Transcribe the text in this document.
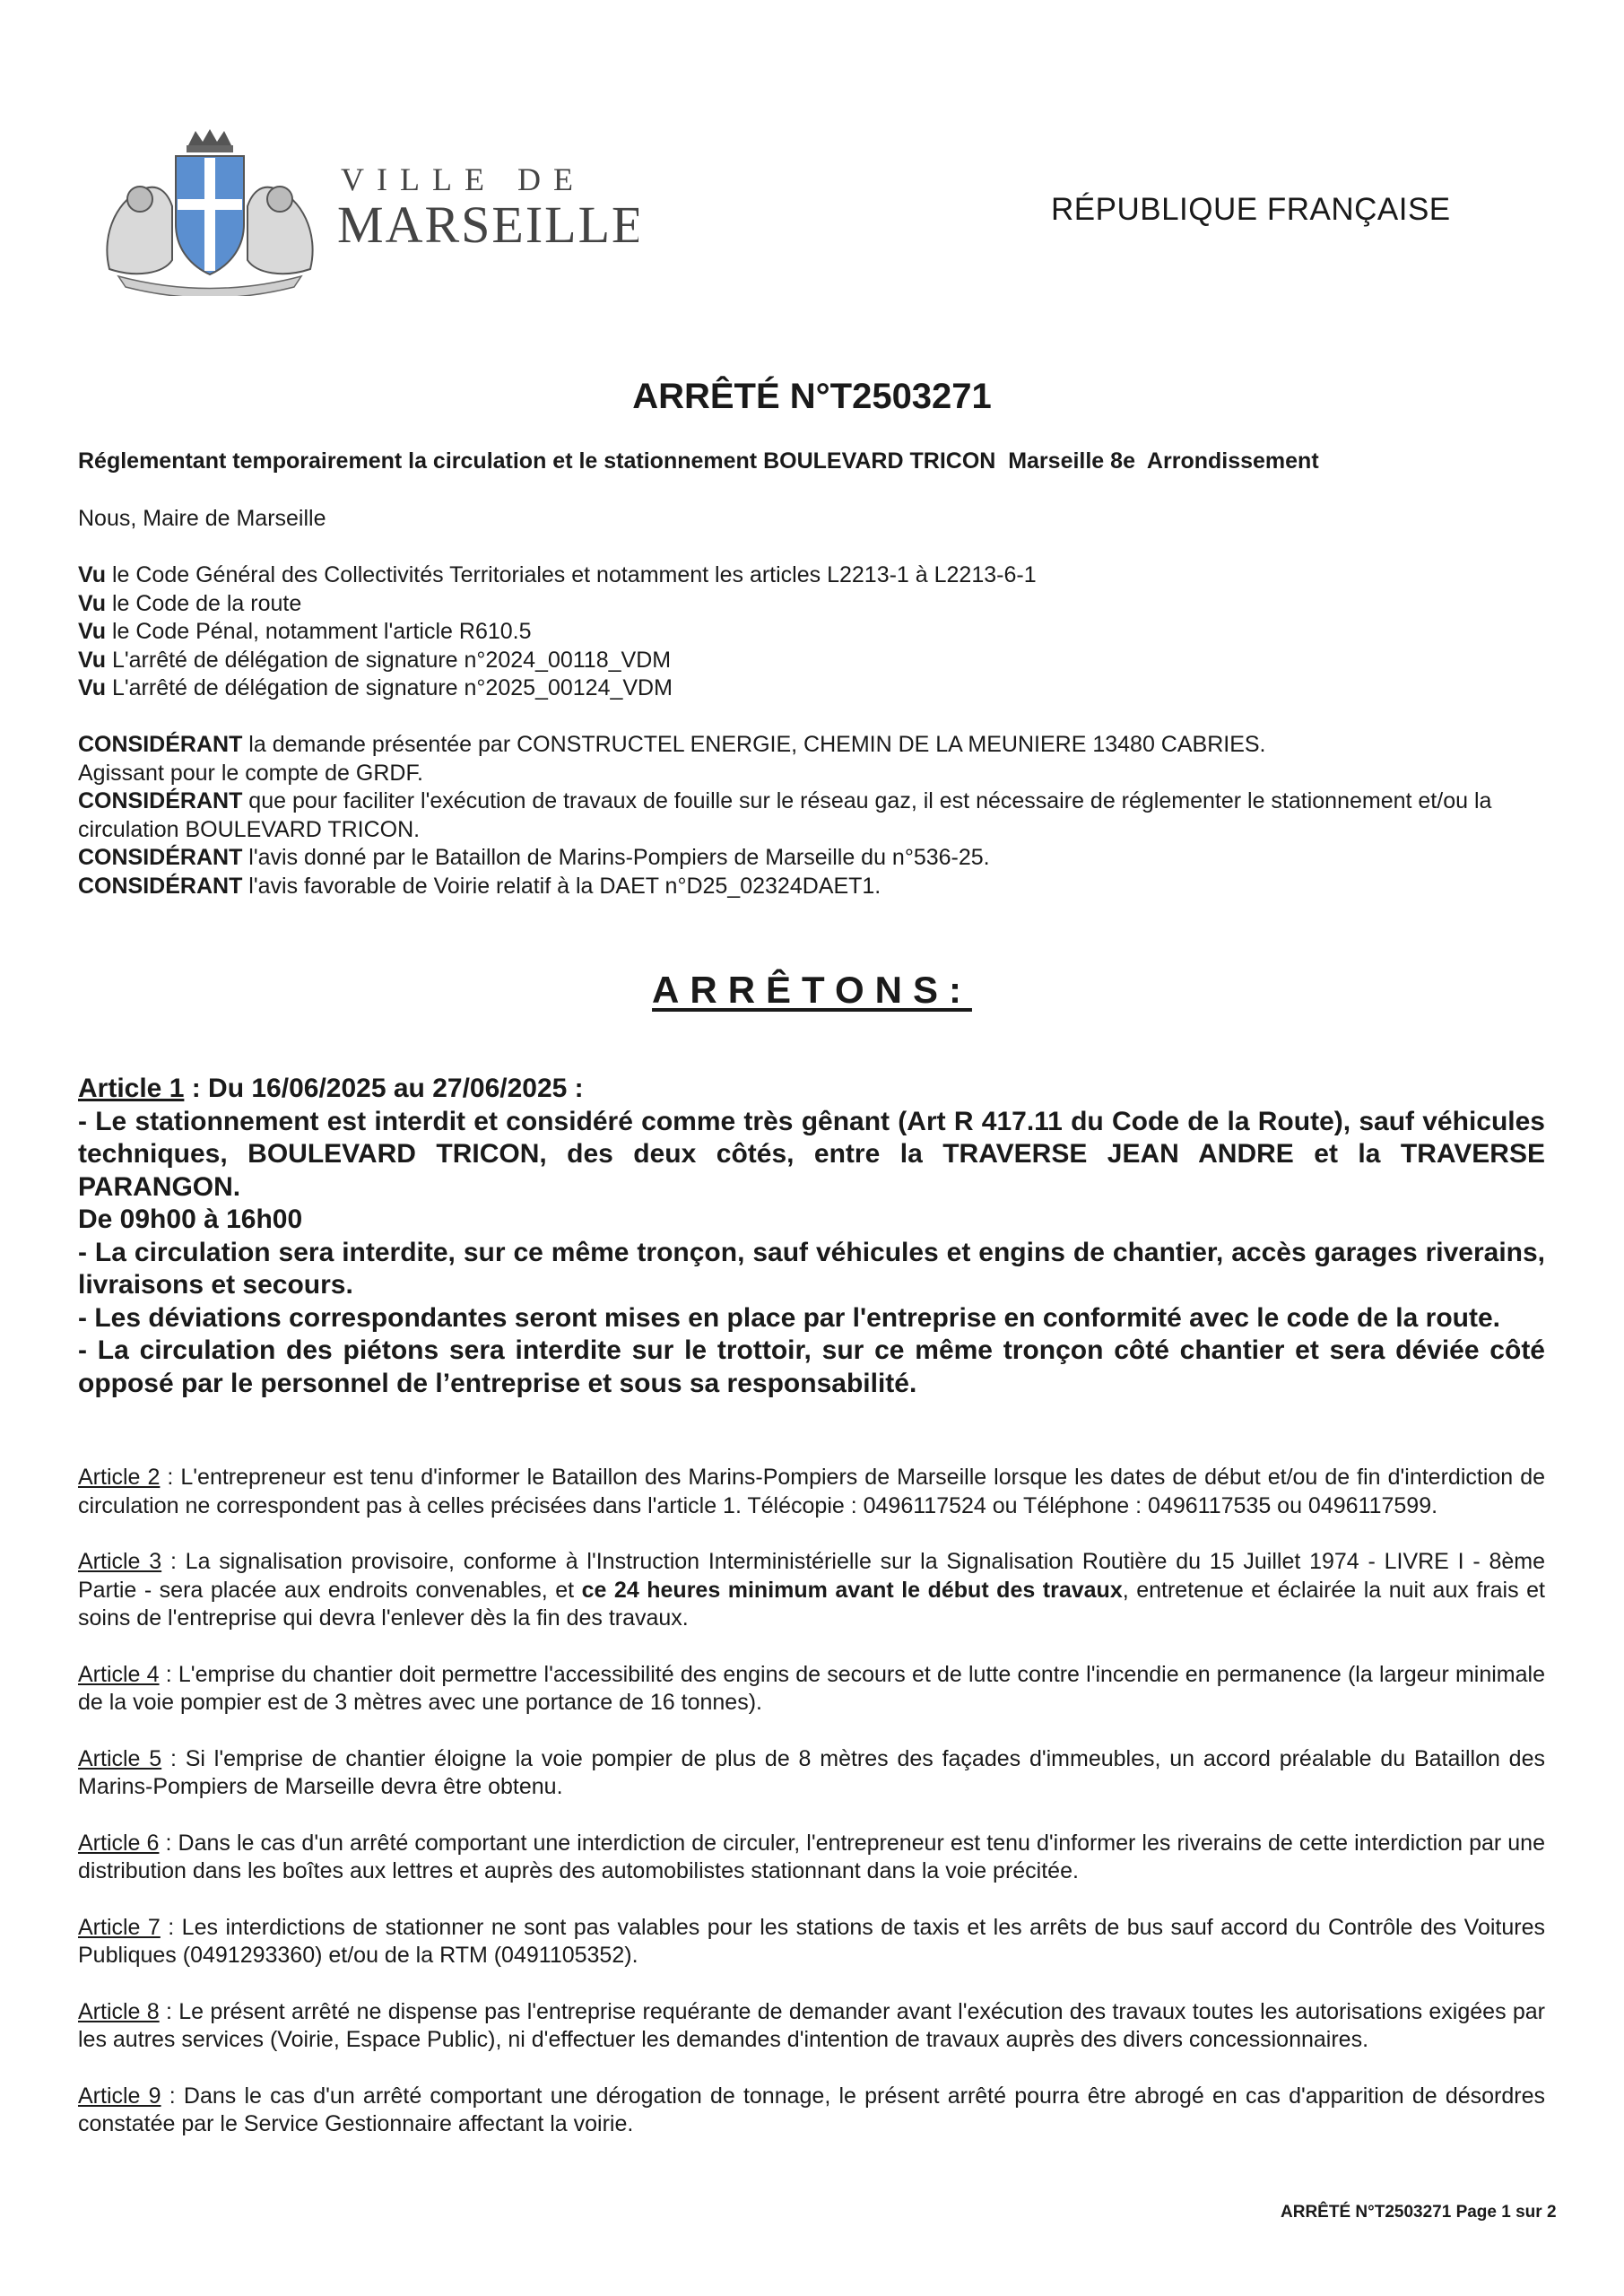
VILLE DE
MARSEILLE	RÉPUBLIQUE FRANÇAISE
ARRÊTÉ N°T2503271
Réglementant temporairement la circulation et le stationnement BOULEVARD TRICON  Marseille 8e  Arrondissement
Nous, Maire de Marseille
Vu le Code Général des Collectivités Territoriales et notamment les articles L2213-1 à L2213-6-1
Vu le Code de la route
Vu le Code Pénal, notamment l'article R610.5
Vu L'arrêté de délégation de signature n°2024_00118_VDM
Vu L'arrêté de délégation de signature n°2025_00124_VDM

CONSIDÉRANT la demande présentée par CONSTRUCTEL ENERGIE, CHEMIN DE LA MEUNIERE 13480 CABRIES.

Agissant pour le compte de GRDF.

CONSIDÉRANT que pour faciliter l'exécution de travaux de fouille sur le réseau gaz, il est nécessaire de réglementer le stationnement et/ou la circulation BOULEVARD TRICON.

CONSIDÉRANT l'avis donné par le Bataillon de Marins-Pompiers de Marseille du n°536-25.

CONSIDÉRANT l'avis favorable de Voirie relatif à la DAET n°D25_02324DAET1.

ARRÊTONS:

Article 1 : Du 16/06/2025 au 27/06/2025 :

- Le stationnement est interdit et considéré comme très gênant (Art R 417.11 du Code de la Route), sauf véhicules techniques, BOULEVARD TRICON, des deux côtés, entre la TRAVERSE JEAN ANDRE et la TRAVERSE PARANGON.

De 09h00 à 16h00

- La circulation sera interdite, sur ce même tronçon, sauf véhicules et engins de chantier, accès garages riverains, livraisons et secours.

- Les déviations correspondantes seront mises en place par l'entreprise en conformité avec le code de la route.

- La circulation des piétons sera interdite sur le trottoir, sur ce même tronçon côté chantier et sera déviée côté opposé par le personnel de l’entreprise et sous sa responsabilité.

Article 2 : L'entrepreneur est tenu d'informer le Bataillon des Marins-Pompiers de Marseille lorsque les dates de début et/ou de fin d'interdiction de circulation ne correspondent pas à celles précisées dans l'article 1. Télécopie : 0496117524 ou Téléphone : 0496117535 ou 0496117599.

Article 3 : La signalisation provisoire, conforme à l'Instruction Interministérielle sur la Signalisation Routière du 15 Juillet 1974 - LIVRE I - 8ème Partie - sera placée aux endroits convenables, et ce 24 heures minimum avant le début des travaux, entretenue et éclairée la nuit aux frais et soins de l'entreprise qui devra l'enlever dès la fin des travaux.

Article 4 : L'emprise du chantier doit permettre l'accessibilité des engins de secours et de lutte contre l'incendie en permanence (la largeur minimale de la voie pompier est de 3 mètres avec une portance de 16 tonnes).

Article 5 : Si l'emprise de chantier éloigne la voie pompier de plus de 8 mètres des façades d'immeubles, un accord préalable du Bataillon des Marins-Pompiers de Marseille devra être obtenu.

Article 6 : Dans le cas d'un arrêté comportant une interdiction de circuler, l'entrepreneur est tenu d'informer les riverains de cette interdiction par une distribution dans les boîtes aux lettres et auprès des automobilistes stationnant dans la voie précitée.

Article 7 : Les interdictions de stationner ne sont pas valables pour les stations de taxis et les arrêts de bus sauf accord du Contrôle des Voitures Publiques (0491293360) et/ou de la RTM (0491105352).

Article 8 : Le présent arrêté ne dispense pas l'entreprise requérante de demander avant l'exécution des travaux toutes les autorisations exigées par les autres services (Voirie, Espace Public), ni d'effectuer les demandes d'intention de travaux auprès des divers concessionnaires.

Article 9 : Dans le cas d'un arrêté comportant une dérogation de tonnage, le présent arrêté pourra être abrogé en cas d'apparition de désordres constatée par le Service Gestionnaire affectant la voirie.

ARRÊTÉ N°T2503271 Page 1 sur 2
